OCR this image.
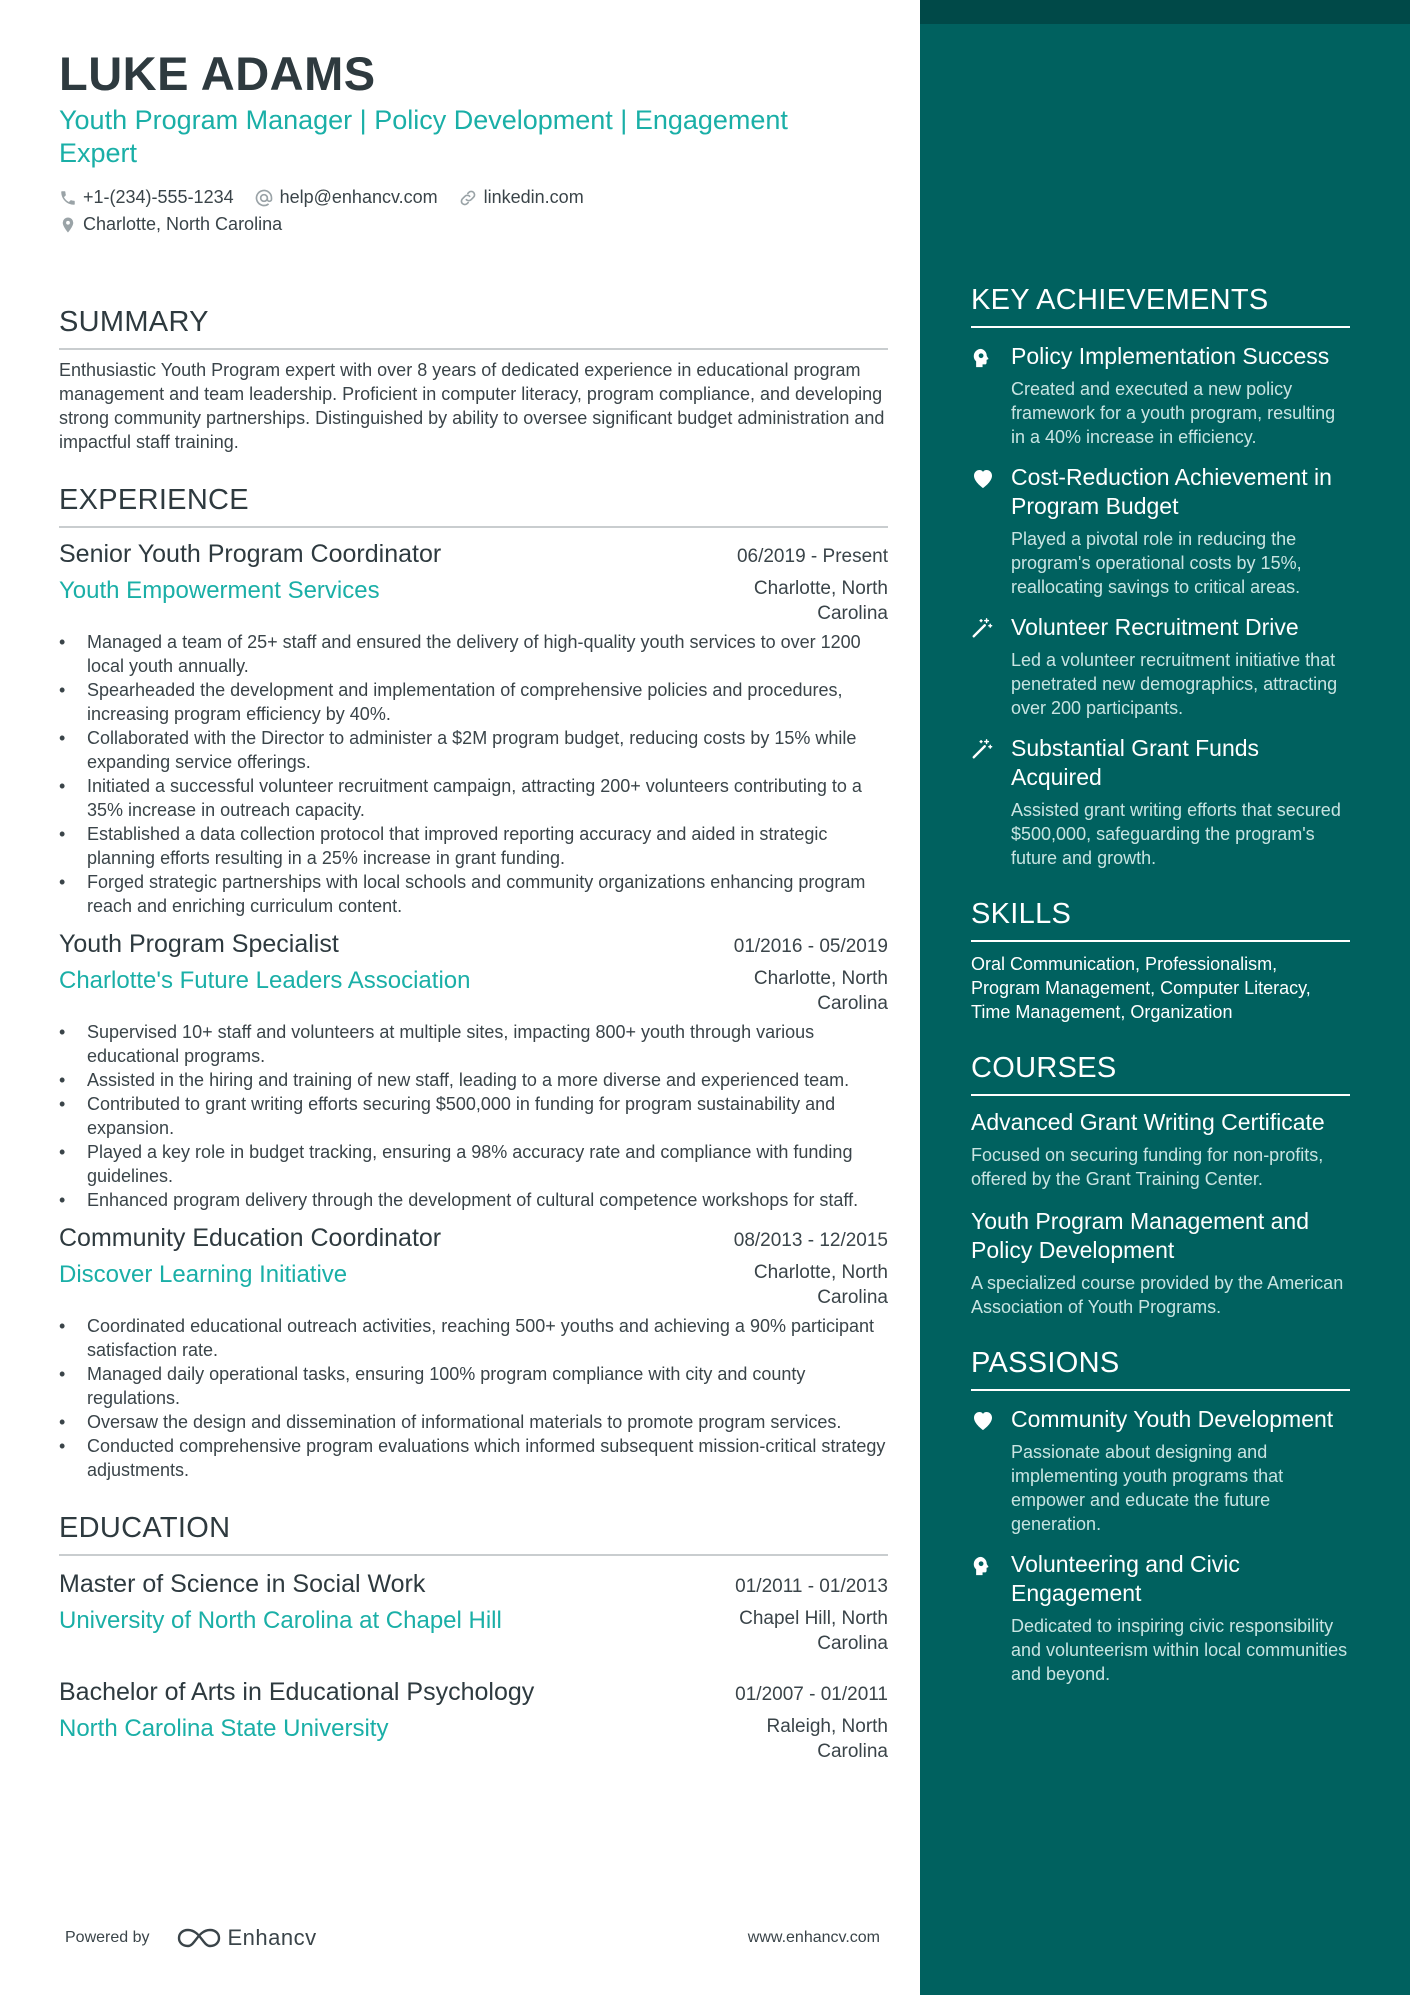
LUKE ADAMS
Youth Program Manager | Policy Development | Engagement Expert
+1-(234)-555-1234	help@enhancv.com	linkedin.com
Charlotte, North Carolina
SUMMARY
Enthusiastic Youth Program expert with over 8 years of dedicated experience in educational program management and team leadership. Proficient in computer literacy, program compliance, and developing strong community partnerships. Distinguished by ability to oversee significant budget administration and impactful staff training.
EXPERIENCE
Senior Youth Program Coordinator	06/2019 - Present
Youth Empowerment Services	Charlotte, North Carolina
• Managed a team of 25+ staff and ensured the delivery of high-quality youth services to over 1200 local youth annually.
• Spearheaded the development and implementation of comprehensive policies and procedures, increasing program efficiency by 40%.
• Collaborated with the Director to administer a $2M program budget, reducing costs by 15% while expanding service offerings.
• Initiated a successful volunteer recruitment campaign, attracting 200+ volunteers contributing to a 35% increase in outreach capacity.
• Established a data collection protocol that improved reporting accuracy and aided in strategic planning efforts resulting in a 25% increase in grant funding.
• Forged strategic partnerships with local schools and community organizations enhancing program reach and enriching curriculum content.
Youth Program Specialist	01/2016 - 05/2019
Charlotte's Future Leaders Association	Charlotte, North Carolina
• Supervised 10+ staff and volunteers at multiple sites, impacting 800+ youth through various educational programs.
• Assisted in the hiring and training of new staff, leading to a more diverse and experienced team.
• Contributed to grant writing efforts securing $500,000 in funding for program sustainability and expansion.
• Played a key role in budget tracking, ensuring a 98% accuracy rate and compliance with funding guidelines.
• Enhanced program delivery through the development of cultural competence workshops for staff.
Community Education Coordinator	08/2013 - 12/2015
Discover Learning Initiative	Charlotte, North Carolina
• Coordinated educational outreach activities, reaching 500+ youths and achieving a 90% participant satisfaction rate.
• Managed daily operational tasks, ensuring 100% program compliance with city and county regulations.
• Oversaw the design and dissemination of informational materials to promote program services.
• Conducted comprehensive program evaluations which informed subsequent mission-critical strategy adjustments.
EDUCATION
Master of Science in Social Work	01/2011 - 01/2013
University of North Carolina at Chapel Hill	Chapel Hill, North Carolina
Bachelor of Arts in Educational Psychology	01/2007 - 01/2011
North Carolina State University	Raleigh, North Carolina
Powered by	Enhancv	www.enhancv.com
KEY ACHIEVEMENTS
Policy Implementation Success
Created and executed a new policy framework for a youth program, resulting in a 40% increase in efficiency.
Cost-Reduction Achievement in Program Budget
Played a pivotal role in reducing the program's operational costs by 15%, reallocating savings to critical areas.
Volunteer Recruitment Drive
Led a volunteer recruitment initiative that penetrated new demographics, attracting over 200 participants.
Substantial Grant Funds Acquired
Assisted grant writing efforts that secured $500,000, safeguarding the program's future and growth.
SKILLS
Oral Communication, Professionalism, Program Management, Computer Literacy, Time Management, Organization
COURSES
Advanced Grant Writing Certificate
Focused on securing funding for non-profits, offered by the Grant Training Center.
Youth Program Management and Policy Development
A specialized course provided by the American Association of Youth Programs.
PASSIONS
Community Youth Development
Passionate about designing and implementing youth programs that empower and educate the future generation.
Volunteering and Civic Engagement
Dedicated to inspiring civic responsibility and volunteerism within local communities and beyond.
